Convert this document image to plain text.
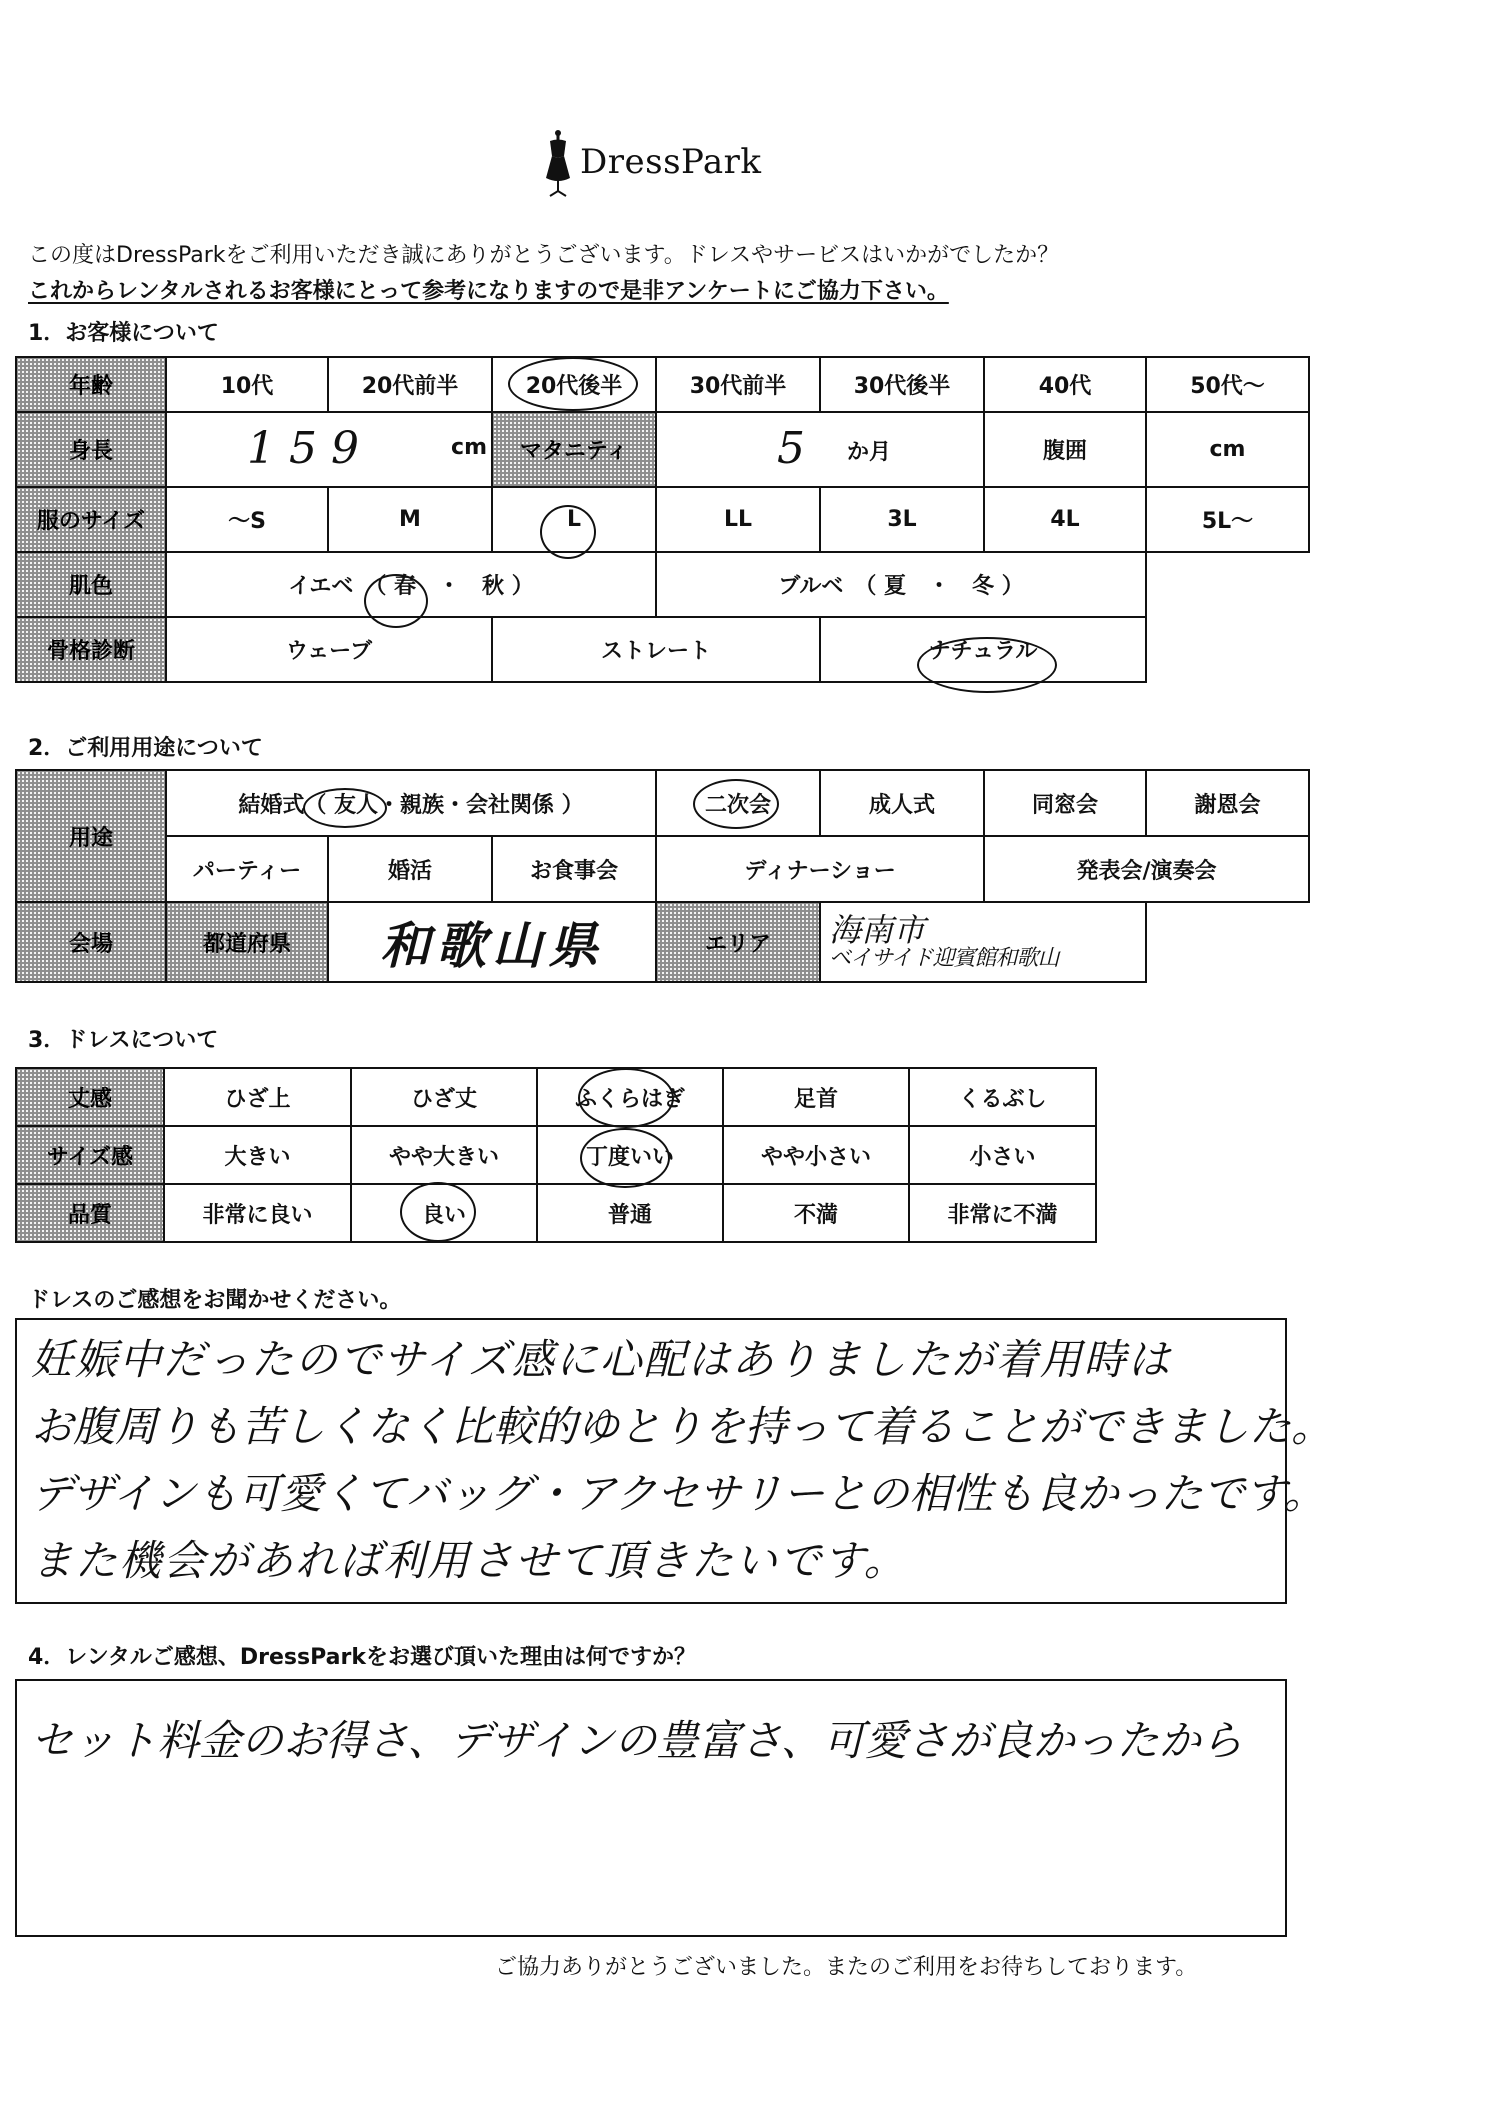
DressPark
この度はDressParkをご利用いただき誠にありがとうございます。ドレスやサービスはいかがでしたか？
これからレンタルされるお客様にとって参考になりますので是非アンケートにご協力下さい。
1．お客様について
年齢	10代	20代前半	20代後半	30代前半	30代後半	40代	50代〜
身長	159 cm		マタニティ	5 か月		腹囲	cm
服のサイズ	〜S	M	L	LL	3L	4L	5L〜
肌色	イエベ　（ 春　・　秋 ）			ブルベ　（ 夏　・　冬 ）			
骨格診断	ウェーブ		ストレート		ナチュラル		
2．ご利用用途について
用途	結婚式（ 友人・親族・会社関係 ）			二次会	成人式	同窓会	謝恩会
	パーティー	婚活	お食事会	ディナーショー		発表会/演奏会	
会場	都道府県	和歌山県		エリア	海南市
ベイサイド迎賓館和歌山		

3．ドレスについて
丈感	ひざ上	ひざ丈	ふくらはぎ	足首	くるぶし
サイズ感	大きい	やや大きい	丁度いい	やや小さい	小さい
品質	非常に良い	良い	普通	不満	非常に不満
ドレスのご感想をお聞かせください。
妊娠中だったのでサイズ感に心配はありましたが着用時は
お腹周りも苦しくなく比較的ゆとりを持って着ることができました。
デザインも可愛くてバッグ・アクセサリーとの相性も良かったです。
また機会があれば利用させて頂きたいです。
4．レンタルご感想、DressParkをお選び頂いた理由は何ですか？
セット料金のお得さ、デザインの豊富さ、可愛さが良かったから
ご協力ありがとうございました。またのご利用をお待ちしております。
